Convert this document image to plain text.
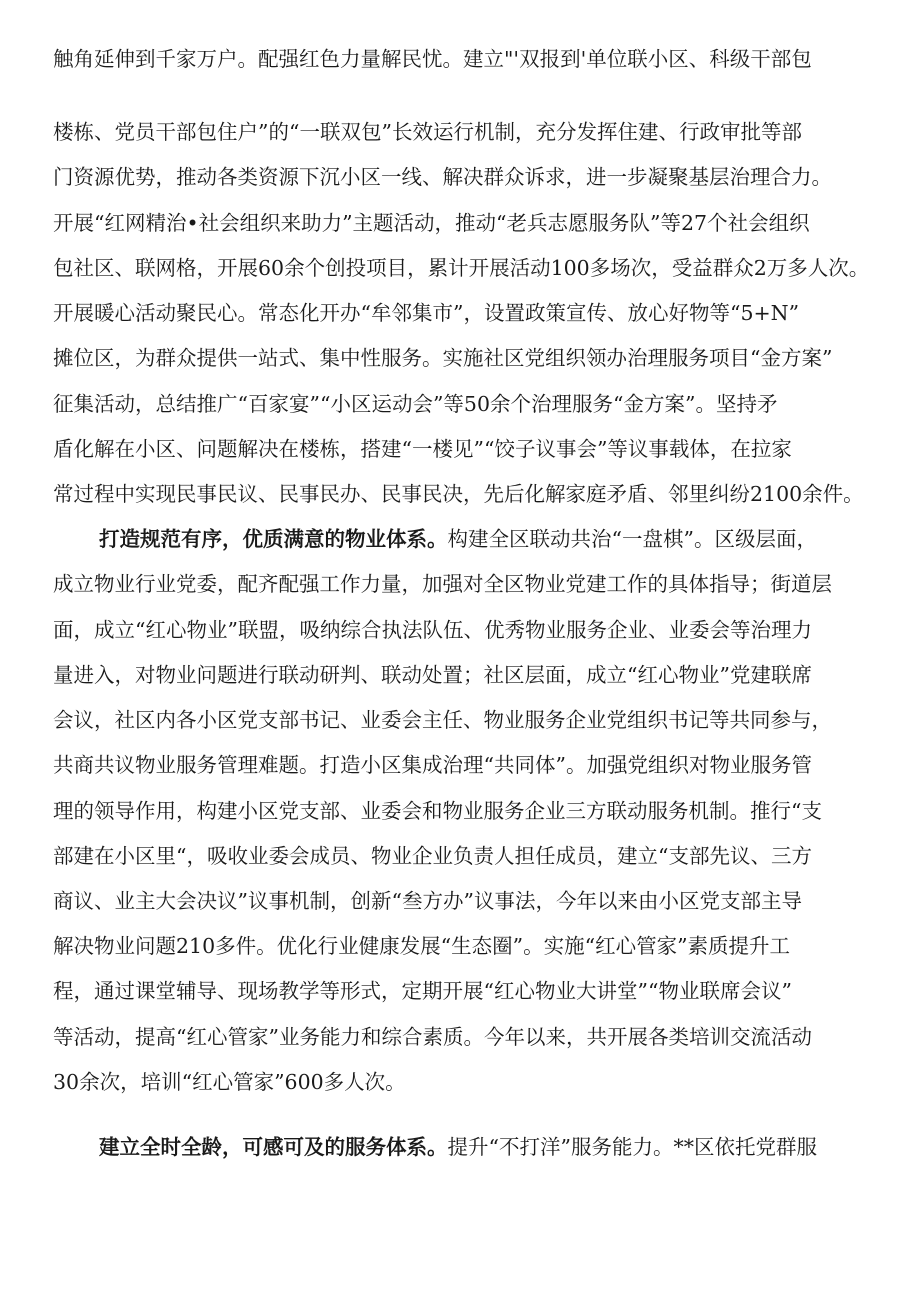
触角延伸到千家万户。配强红色力量解民忧。建立"'双报到'单位联小区、科级干部包
楼栋、党员干部包住户”的“一联双包”长效运行机制，充分发挥住建、行政审批等部
门资源优势，推动各类资源下沉小区一线、解决群众诉求，进一步凝聚基层治理合力。
开展“红网精治•社会组织来助力”主题活动，推动“老兵志愿服务队”等27个社会组织
包社区、联网格，开展60余个创投项目，累计开展活动100多场次，受益群众2万多人次。
开展暖心活动聚民心。常态化开办“牟邻集市”，设置政策宣传、放心好物等“5+N”
摊位区，为群众提供一站式、集中性服务。实施社区党组织领办治理服务项目“金方案”
征集活动，总结推广“百家宴”“小区运动会”等50余个治理服务“金方案”。坚持矛
盾化解在小区、问题解决在楼栋，搭建“一楼见”“饺子议事会”等议事载体，在拉家
常过程中实现民事民议、民事民办、民事民决，先后化解家庭矛盾、邻里纠纷2100余件。
打造规范有序，优质满意的物业体系。构建全区联动共治“一盘棋”。区级层面，
成立物业行业党委，配齐配强工作力量，加强对全区物业党建工作的具体指导；街道层
面，成立“红心物业”联盟，吸纳综合执法队伍、优秀物业服务企业、业委会等治理力
量进入，对物业问题进行联动研判、联动处置；社区层面，成立“红心物业”党建联席
会议，社区内各小区党支部书记、业委会主任、物业服务企业党组织书记等共同参与，
共商共议物业服务管理难题。打造小区集成治理“共同体”。加强党组织对物业服务管
理的领导作用，构建小区党支部、业委会和物业服务企业三方联动服务机制。推行“支
部建在小区里“，吸收业委会成员、物业企业负责人担任成员，建立“支部先议、三方
商议、业主大会决议”议事机制，创新“叁方办”议事法，今年以来由小区党支部主导
解决物业问题210多件。优化行业健康发展“生态圈”。实施“红心管家”素质提升工
程，通过课堂辅导、现场教学等形式，定期开展“红心物业大讲堂”“物业联席会议”
等活动，提高“红心管家”业务能力和综合素质。今年以来，共开展各类培训交流活动
30余次，培训“红心管家”600多人次。
建立全时全龄，可感可及的服务体系。提升“不打洋”服务能力。**区依托党群服
